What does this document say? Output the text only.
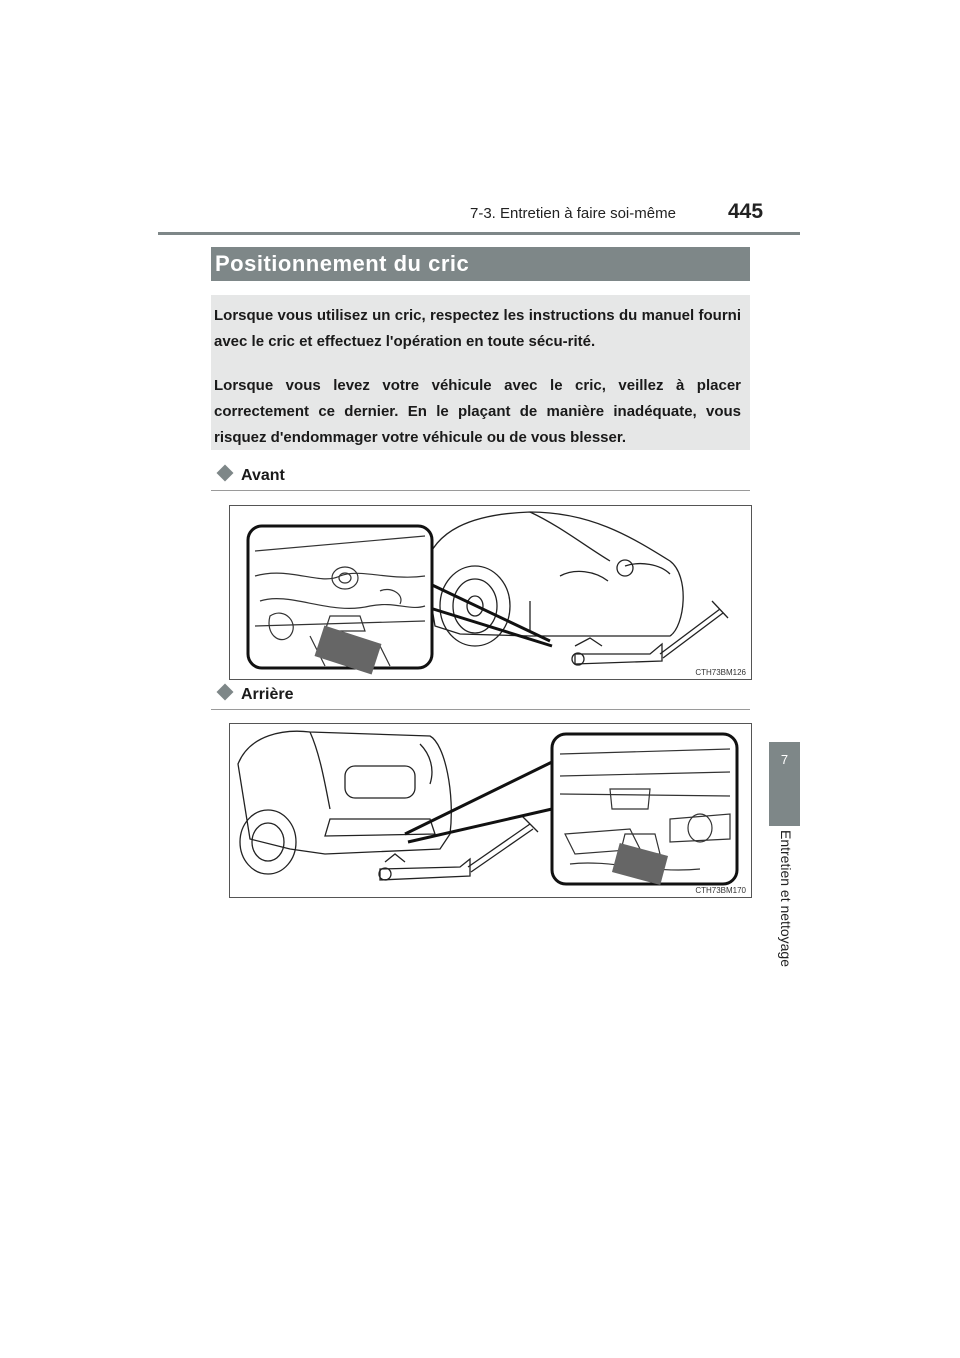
7-3. Entretien à faire soi-même 445
7
Entretien et nettoyage
Positionnement du cric

Lorsque vous utilisez un cric, respectez les instructions du manuel fourni avec le cric et effectuez l'opération en toute sécu-rité.

Lorsque vous levez votre véhicule avec le cric, veillez à placer correctement ce dernier. En le plaçant de manière inadéquate, vous risquez d'endommager votre véhicule ou de vous blesser.

Avant
CTH73BM126
Arrière
CTH73BM170
